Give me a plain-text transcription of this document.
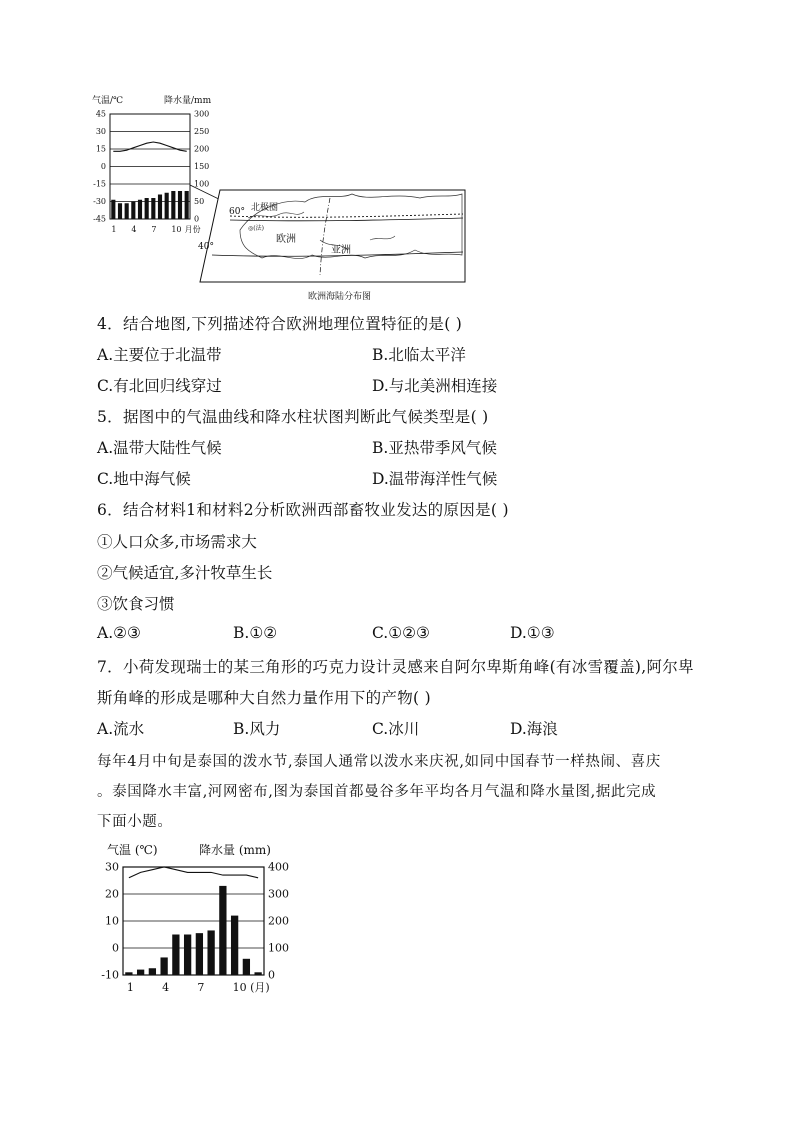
气温/℃	降水量/mm
45
30
15
0
-15
-30
-45
300
250
200
150
100
50
0
1 4 7 10 月份
60°
40°
北极圈
◎(法)
欧洲
亚洲
欧洲海陆分布图
4．结合地图,下列描述符合欧洲地理位置特征的是( )
A.主要位于北温带	B.北临太平洋
C.有北回归线穿过	D.与北美洲相连接
5．据图中的气温曲线和降水柱状图判断此气候类型是( )
A.温带大陆性气候	B.亚热带季风气候
C.地中海气候	D.温带海洋性气候
6．结合材料1和材料2分析欧洲西部畜牧业发达的原因是( )
①人口众多,市场需求大
②气候适宜,多汁牧草生长
③饮食习惯
A.②③	B.①②	C.①②③	D.①③
7．小荷发现瑞士的某三角形的巧克力设计灵感来自阿尔卑斯角峰(有冰雪覆盖),阿尔卑
斯角峰的形成是哪种大自然力量作用下的产物( )
A.流水	B.风力	C.冰川	D.海浪
每年4月中旬是泰国的泼水节,泰国人通常以泼水来庆祝,如同中国春节一样热闹、喜庆
。泰国降水丰富,河网密布,图为泰国首都曼谷多年平均各月气温和降水量图,据此完成
下面小题。
气温 (℃)	降水量 (mm)
30
20
10
0
-10
400
300
200
100
0
1	4	7	10 (月)
